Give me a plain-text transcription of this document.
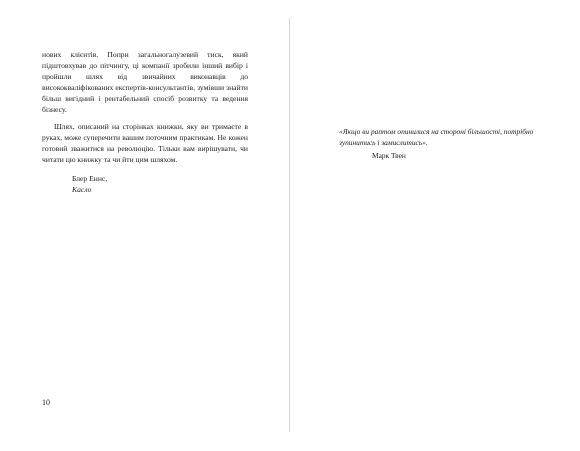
нових клієнтів. Попри загальногалузевий тиск, який підштовхував до пітчингу, ці компанії зробили інший вибір і пройшли шлях від звичайних виконавців до висококваліфікованих експертів-консультантів, зумівши знайти більш вигідний і рентабельний спосіб розвитку та ведення бізнесу.

Шлях, описаний на сторінках книжки, яку ви тримаєте в руках, може суперечити вашим поточним практикам. Не кожен готовий зважитися на революцію. Тільки вам вирішувати, чи читати цю книжку та чи йти цим шляхом.

Блер Еннс,
Kaсло
10
«Якщо ви раптом опинилися на стороні більшості, потрібно зупинитись і замислитись».
Марк Твен
